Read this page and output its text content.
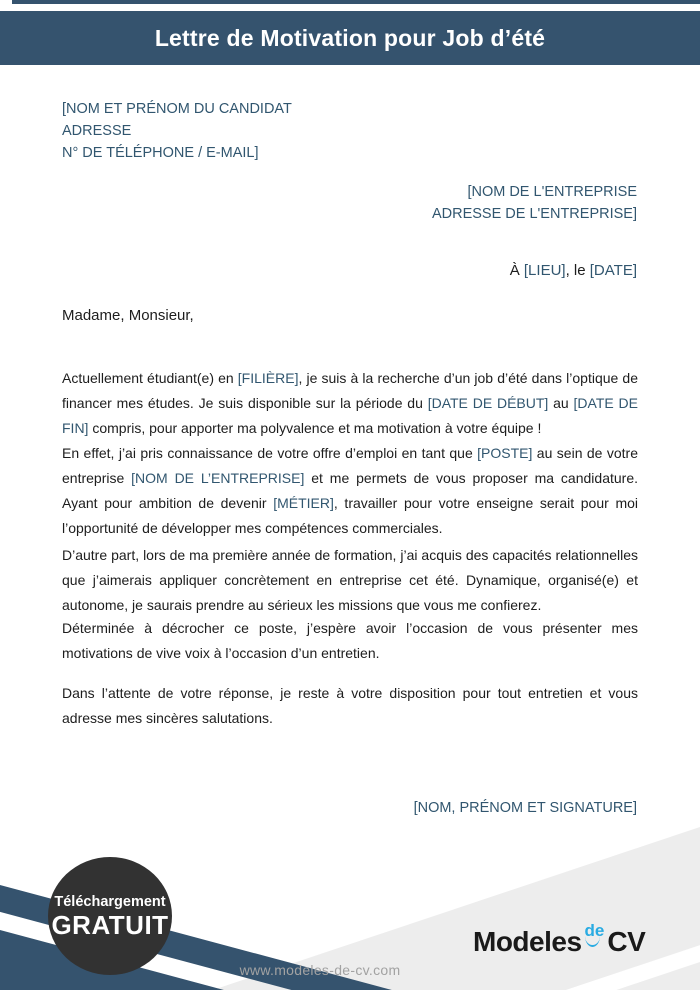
Lettre de Motivation pour Job d’été
[NOM ET PRÉNOM DU CANDIDAT
ADRESSE
N° DE TÉLÉPHONE / E-MAIL]
[NOM DE L'ENTREPRISE
ADRESSE DE L'ENTREPRISE]
À [LIEU], le [DATE]
Madame, Monsieur,

Actuellement étudiant(e) en [FILIÈRE], je suis à la recherche d’un job d’été dans l’optique de financer mes études. Je suis disponible sur la période du [DATE DE DÉBUT] au [DATE DE FIN] compris, pour apporter ma polyvalence et ma motivation à votre équipe !

En effet, j’ai pris connaissance de votre offre d’emploi en tant que [POSTE] au sein de votre entreprise [NOM DE L’ENTREPRISE] et me permets de vous proposer ma candidature. Ayant pour ambition de devenir [MÉTIER], travailler pour votre enseigne serait pour moi l’opportunité de développer mes compétences commerciales.

D’autre part, lors de ma première année de formation, j’ai acquis des capacités relationnelles que j’aimerais appliquer concrètement en entreprise cet été. Dynamique, organisé(e) et autonome, je saurais prendre au sérieux les missions que vous me confierez.

Déterminée à décrocher ce poste, j’espère avoir l’occasion de vous présenter mes motivations de vive voix à l’occasion d’un entretien.

Dans l’attente de votre réponse, je reste à votre disposition pour tout entretien et vous adresse mes sincères salutations.

[NOM, PRÉNOM ET SIGNATURE]
Téléchargement
GRATUIT
Modeles de CV
www.modeles-de-cv.com
